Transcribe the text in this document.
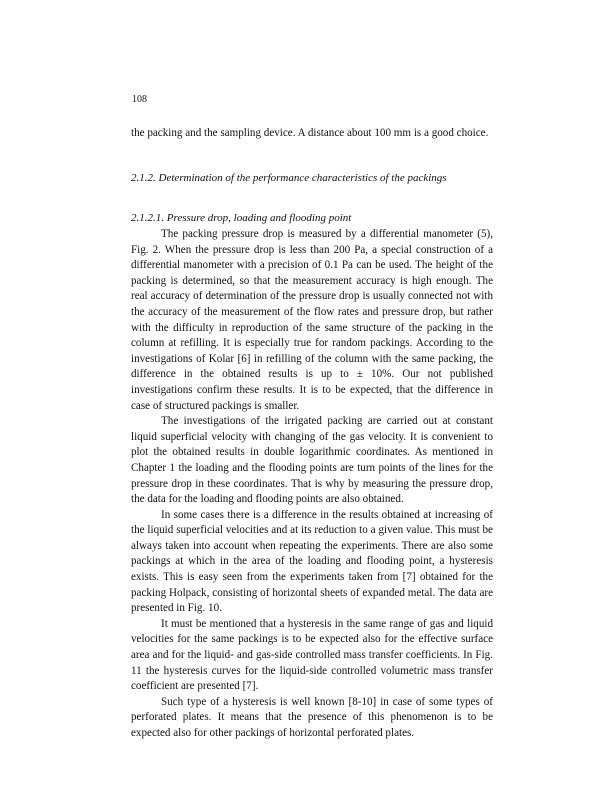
108

the packing and the sampling device. A distance about 100 mm is a good choice.

2.1.2. Determination of the performance characteristics of the packings
2.1.2.1. Pressure drop, loading and flooding point

The packing pressure drop is measured by a differential manometer (5), Fig. 2. When the pressure drop is less than 200 Pa, a special construction of a differential manometer with a precision of 0.1 Pa can be used. The height of the packing is determined, so that the measurement accuracy is high enough. The real accuracy of determination of the pressure drop is usually connected not with the accuracy of the measurement of the flow rates and pressure drop, but rather with the difficulty in reproduction of the same structure of the packing in the column at refilling. It is especially true for random packings. According to the investigations of Kolar [6] in refilling of the column with the same packing, the difference in the obtained results is up to ± 10%. Our not published investigations confirm these results. It is to be expected, that the difference in case of structured packings is smaller.

The investigations of the irrigated packing are carried out at constant liquid superficial velocity with changing of the gas velocity. It is convenient to plot the obtained results in double logarithmic coordinates. As mentioned in Chapter 1 the loading and the flooding points are turn points of the lines for the pressure drop in these coordinates. That is why by measuring the pressure drop, the data for the loading and flooding points are also obtained.

In some cases there is a difference in the results obtained at increasing of the liquid superficial velocities and at its reduction to a given value. This must be always taken into account when repeating the experiments. There are also some packings at which in the area of the loading and flooding point, a hysteresis exists. This is easy seen from the experiments taken from [7] obtained for the packing Holpack, consisting of horizontal sheets of expanded metal. The data are presented in Fig. 10.

It must be mentioned that a hysteresis in the same range of gas and liquid velocities for the same packings is to be expected also for the effective surface area and for the liquid- and gas-side controlled mass transfer coefficients. In Fig. 11 the hysteresis curves for the liquid-side controlled volumetric mass transfer coefficient are presented [7].

Such type of a hysteresis is well known [8-10] in case of some types of perforated plates. It means that the presence of this phenomenon is to be expected also for other packings of horizontal perforated plates.
